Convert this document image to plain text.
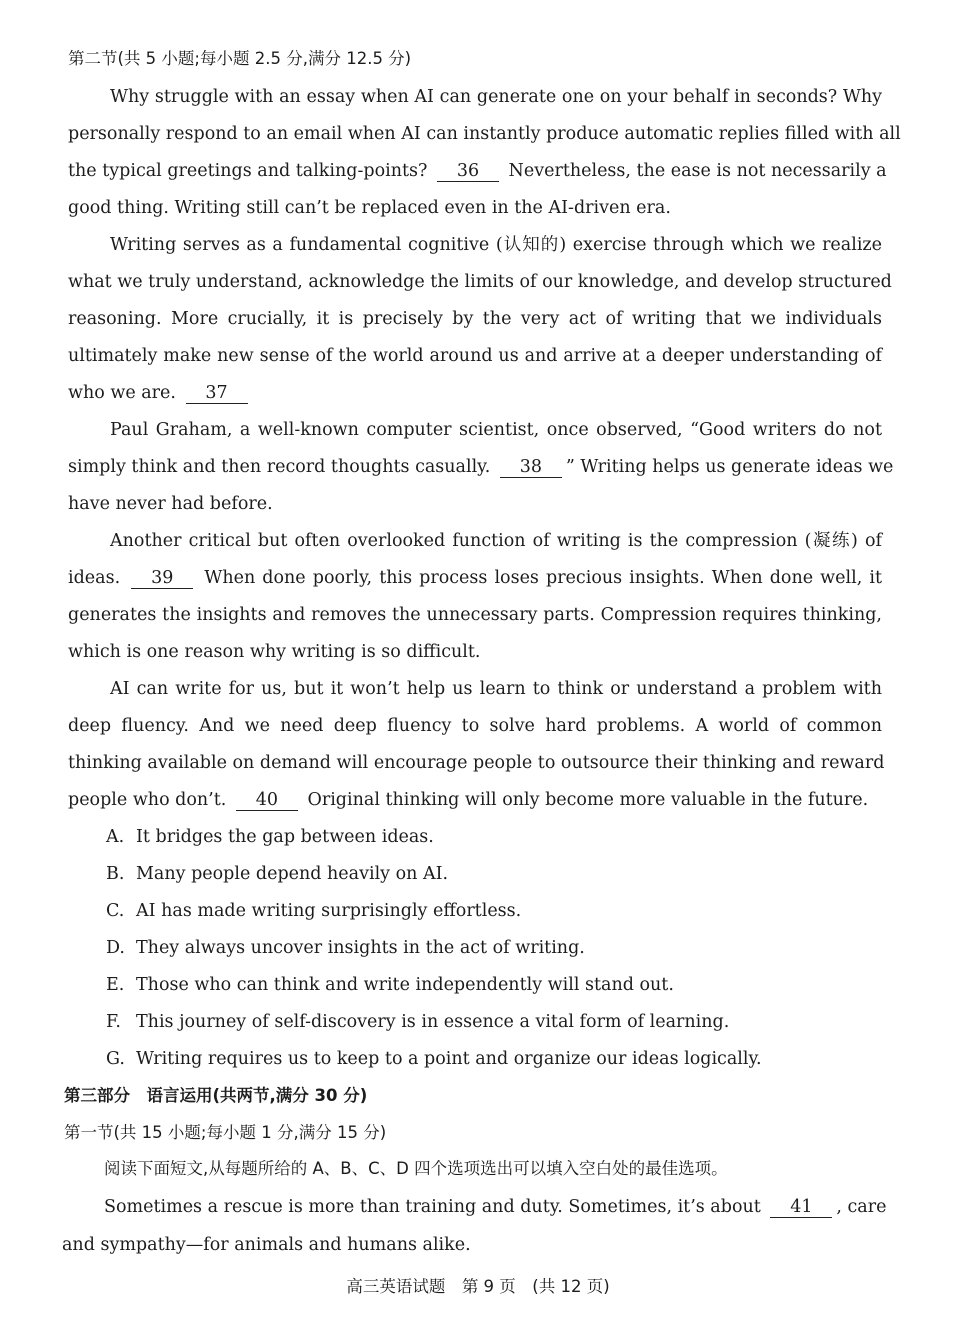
第二节(共 5 小题;每小题 2.5 分,满分 12.5 分)
Why struggle with an essay when AI can generate one on your behalf in seconds? Why
personally respond to an email when AI can instantly produce automatic replies filled with all
the typical greetings and talking-points? 36 Nevertheless, the ease is not necessarily a
good thing. Writing still can’t be replaced even in the AI-driven era.
Writing serves as a fundamental cognitive (认知的) exercise through which we realize
what we truly understand, acknowledge the limits of our knowledge, and develop structured
reasoning. More crucially, it is precisely by the very act of writing that we individuals
ultimately make new sense of the world around us and arrive at a deeper understanding of
who we are. 37
Paul Graham, a well-known computer scientist, once observed, “Good writers do not
simply think and then record thoughts casually. 38 ” Writing helps us generate ideas we
have never had before.
Another critical but often overlooked function of writing is the compression (凝练) of
ideas. 39 When done poorly, this process loses precious insights. When done well, it
generates the insights and removes the unnecessary parts. Compression requires thinking,
which is one reason why writing is so difficult.
AI can write for us, but it won’t help us learn to think or understand a problem with
deep fluency. And we need deep fluency to solve hard problems. A world of common
thinking available on demand will encourage people to outsource their thinking and reward
people who don’t. 40 Original thinking will only become more valuable in the future.
A. It bridges the gap between ideas.
B. Many people depend heavily on AI.
C. AI has made writing surprisingly effortless.
D. They always uncover insights in the act of writing.
E. Those who can think and write independently will stand out.
F. This journey of self-discovery is in essence a vital form of learning.
G. Writing requires us to keep to a point and organize our ideas logically.
第三部分　语言运用(共两节,满分 30 分)
第一节(共 15 小题;每小题 1 分,满分 15 分)
阅读下面短文,从每题所给的 A、B、C、D 四个选项选出可以填入空白处的最佳选项。
Sometimes a rescue is more than training and duty. Sometimes, it’s about 41 , care
and sympathy—for animals and humans alike.
高三英语试题　第 9 页　(共 12 页)
